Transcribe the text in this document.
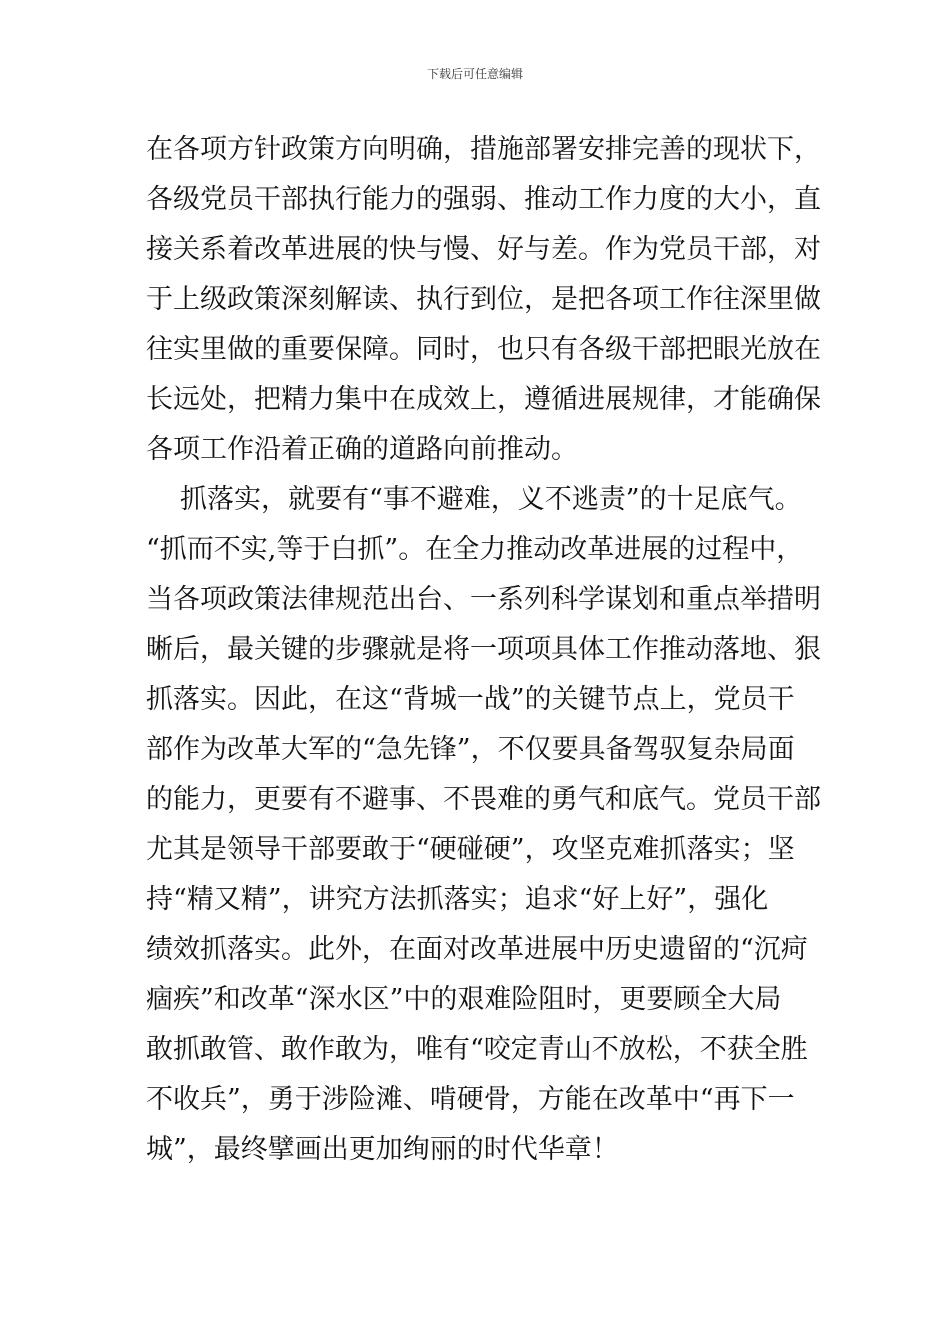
下载后可任意编辑
在各项方针政策方向明确，措施部署安排完善的现状下，
各级党员干部执行能力的强弱、推动工作力度的大小，直
接关系着改革进展的快与慢、好与差。作为党员干部，对
于上级政策深刻解读、执行到位，是把各项工作往深里做
往实里做的重要保障。同时，也只有各级干部把眼光放在
长远处，把精力集中在成效上，遵循进展规律，才能确保
各项工作沿着正确的道路向前推动。
抓落实，就要有“事不避难，义不逃责”的十足底气。
“抓而不实,等于白抓”。在全力推动改革进展的过程中，
当各项政策法律规范出台、一系列科学谋划和重点举措明
晰后，最关键的步骤就是将一项项具体工作推动落地、狠
抓落实。因此，在这“背城一战”的关键节点上，党员干
部作为改革大军的“急先锋”，不仅要具备驾驭复杂局面
的能力，更要有不避事、不畏难的勇气和底气。党员干部
尤其是领导干部要敢于“硬碰硬”，攻坚克难抓落实；坚
持“精又精”，讲究方法抓落实；追求“好上好”，强化
绩效抓落实。此外，在面对改革进展中历史遗留的“沉疴
痼疾”和改革“深水区”中的艰难险阻时，更要顾全大局
敢抓敢管、敢作敢为，唯有“咬定青山不放松，不获全胜
不收兵”，勇于涉险滩、啃硬骨，方能在改革中“再下一
城”，最终擘画出更加绚丽的时代华章！
